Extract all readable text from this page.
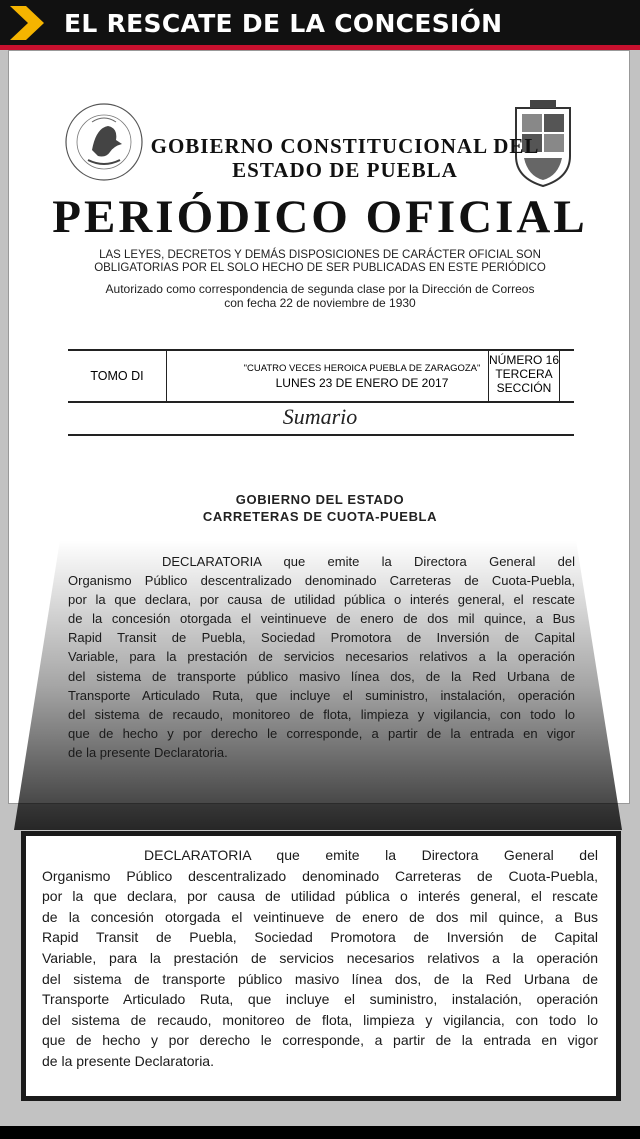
EL RESCATE DE LA CONCESIÓN
GOBIERNO CONSTITUCIONAL DEL
ESTADO DE PUEBLA
PERIÓDICO OFICIAL
LAS LEYES, DECRETOS Y DEMÁS DISPOSICIONES DE CARÁCTER OFICIAL SON
OBLIGATORIAS POR EL SOLO HECHO DE SER PUBLICADAS EN ESTE PERIÓDICO
Autorizado como correspondencia de segunda clase por la Dirección de Correos
con fecha 22 de noviembre de 1930
TOMO DI
"CUATRO VECES HEROICA PUEBLA DE ZARAGOZA"
LUNES 23 DE ENERO DE 2017
NÚMERO 16
TERCERA
SECCIÓN
Sumario
GOBIERNO DEL ESTADO
CARRETERAS DE CUOTA-PUEBLA
DECLARATORIA que emite la Directora General del
Organismo Público descentralizado denominado Carreteras de Cuota-Puebla,
por la que declara, por causa de utilidad pública o interés general, el rescate
de la concesión otorgada el veintinueve de enero de dos mil quince, a Bus
Rapid Transit de Puebla, Sociedad Promotora de Inversión de Capital
Variable, para la prestación de servicios necesarios relativos a la operación
del sistema de transporte público masivo línea dos, de la Red Urbana de
Transporte Articulado Ruta, que incluye el suministro, instalación, operación
del sistema de recaudo, monitoreo de flota, limpieza y vigilancia, con todo lo
que de hecho y por derecho le corresponde, a partir de la entrada en vigor
de la presente Declaratoria.
DECLARATORIA que emite la Directora General del
Organismo Público descentralizado denominado Carreteras de Cuota-Puebla,
por la que declara, por causa de utilidad pública o interés general, el rescate
de la concesión otorgada el veintinueve de enero de dos mil quince, a Bus
Rapid Transit de Puebla, Sociedad Promotora de Inversión de Capital
Variable, para la prestación de servicios necesarios relativos a la operación
del sistema de transporte público masivo línea dos, de la Red Urbana de
Transporte Articulado Ruta, que incluye el suministro, instalación, operación
del sistema de recaudo, monitoreo de flota, limpieza y vigilancia, con todo lo
que de hecho y por derecho le corresponde, a partir de la entrada en vigor
de la presente Declaratoria.
